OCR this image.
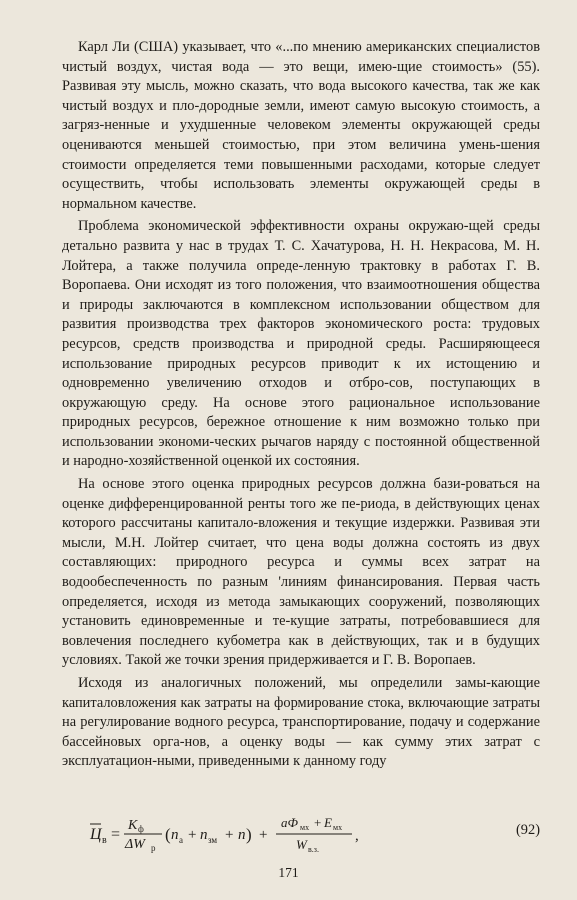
Карл Ли (США) указывает, что «...по мнению американских специалистов чистый воздух, чистая вода — это вещи, имею-щие стоимость» (55). Развивая эту мысль, можно сказать, что вода высокого качества, так же как чистый воздух и пло-дородные земли, имеют самую высокую стоимость, а загряз-ненные и ухудшенные человеком элементы окружающей среды оцениваются меньшей стоимостью, при этом величина умень-шения стоимости определяется теми повышенными расходами, которые следует осуществить, чтобы использовать элементы окружающей среды в нормальном качестве.

Проблема экономической эффективности охраны окружаю-щей среды детально развита у нас в трудах Т. С. Хачатурова, Н. Н. Некрасова, М. Н. Лойтера, а также получила опреде-ленную трактовку в работах Г. В. Воропаева. Они исходят из того положения, что взаимоотношения общества и природы заключаются в комплексном использовании обществом для развития производства трех факторов экономического роста: трудовых ресурсов, средств производства и природной среды. Расширяющееся использование природных ресурсов приводит к их истощению и одновременно увеличению отходов и отбро-сов, поступающих в окружающую среду. На основе этого рациональное использование природных ресурсов, бережное отношение к ним возможно только при использовании экономи-ческих рычагов наряду с постоянной общественной и народно-хозяйственной оценкой их состояния.

На основе этого оценка природных ресурсов должна бази-роваться на оценке дифференцированной ренты того же пе-риода, в действующих ценах которого рассчитаны капитало-вложения и текущие издержки. Развивая эти мысли, М.Н. Лойтер считает, что цена воды должна состоять из двух составляющих: природного ресурса и суммы всех затрат на водообеспеченность по разным 'линиям финансирования. Первая часть определяется, исходя из метода замыкающих сооружений, позволяющих установить единовременные и те-кущие затраты, потребовавшиеся для вовлечения последнего кубометра как в действующих, так и в будущих условиях. Такой же точки зрения придерживается и Г. В. Воропаев.

Исходя из аналогичных положений, мы определили замы-кающие капиталовложения как затраты на формирование стока, включающие затраты на регулирование водного ресурса, транспортирование, подачу и содержание бассейновых орга-нов, а оценку воды — как сумму этих затрат с эксплуатацион-ными, приведенными к данному году

Ц в =
K ф
ΔW р
( n а + n зм + n ) +
aФ мх + E мх
W в.з.
,	(92)
171
